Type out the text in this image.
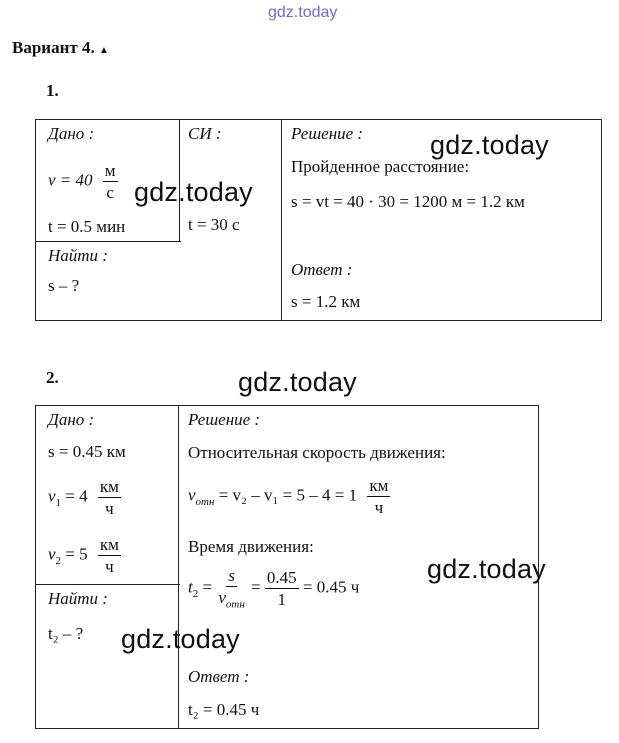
gdz.today
Вариант 4. ▲
1.
Дано :
$v = 40 \frac{м}{с}$
t = 0.5 мин
СИ :
t = 30 с
Решение :
Пройденное расстояние:
s = vt = 40 · 30 = 1200 м = 1.2 км
Найти :
s – ?
Ответ :
s = 1.2 км
gdz.today
gdz.today
2.	gdz.today
Дано :
s = 0.45 км
$v_1 = 4 \frac{км}{ч}$
$v_2 = 5 \frac{км}{ч}$
Найти :
t₂ – ?
Решение :
Относительная скорость движения:
$v_{отн} = v_2 - v_1 = 5 - 4 = 1 \frac{км}{ч}$
Время движения:
$t_2 = \frac{s}{v_{отн}} = \frac{0.45}{1} = 0.45$ ч
Ответ :
t₂ = 0.45 ч
gdz.today
gdz.today
